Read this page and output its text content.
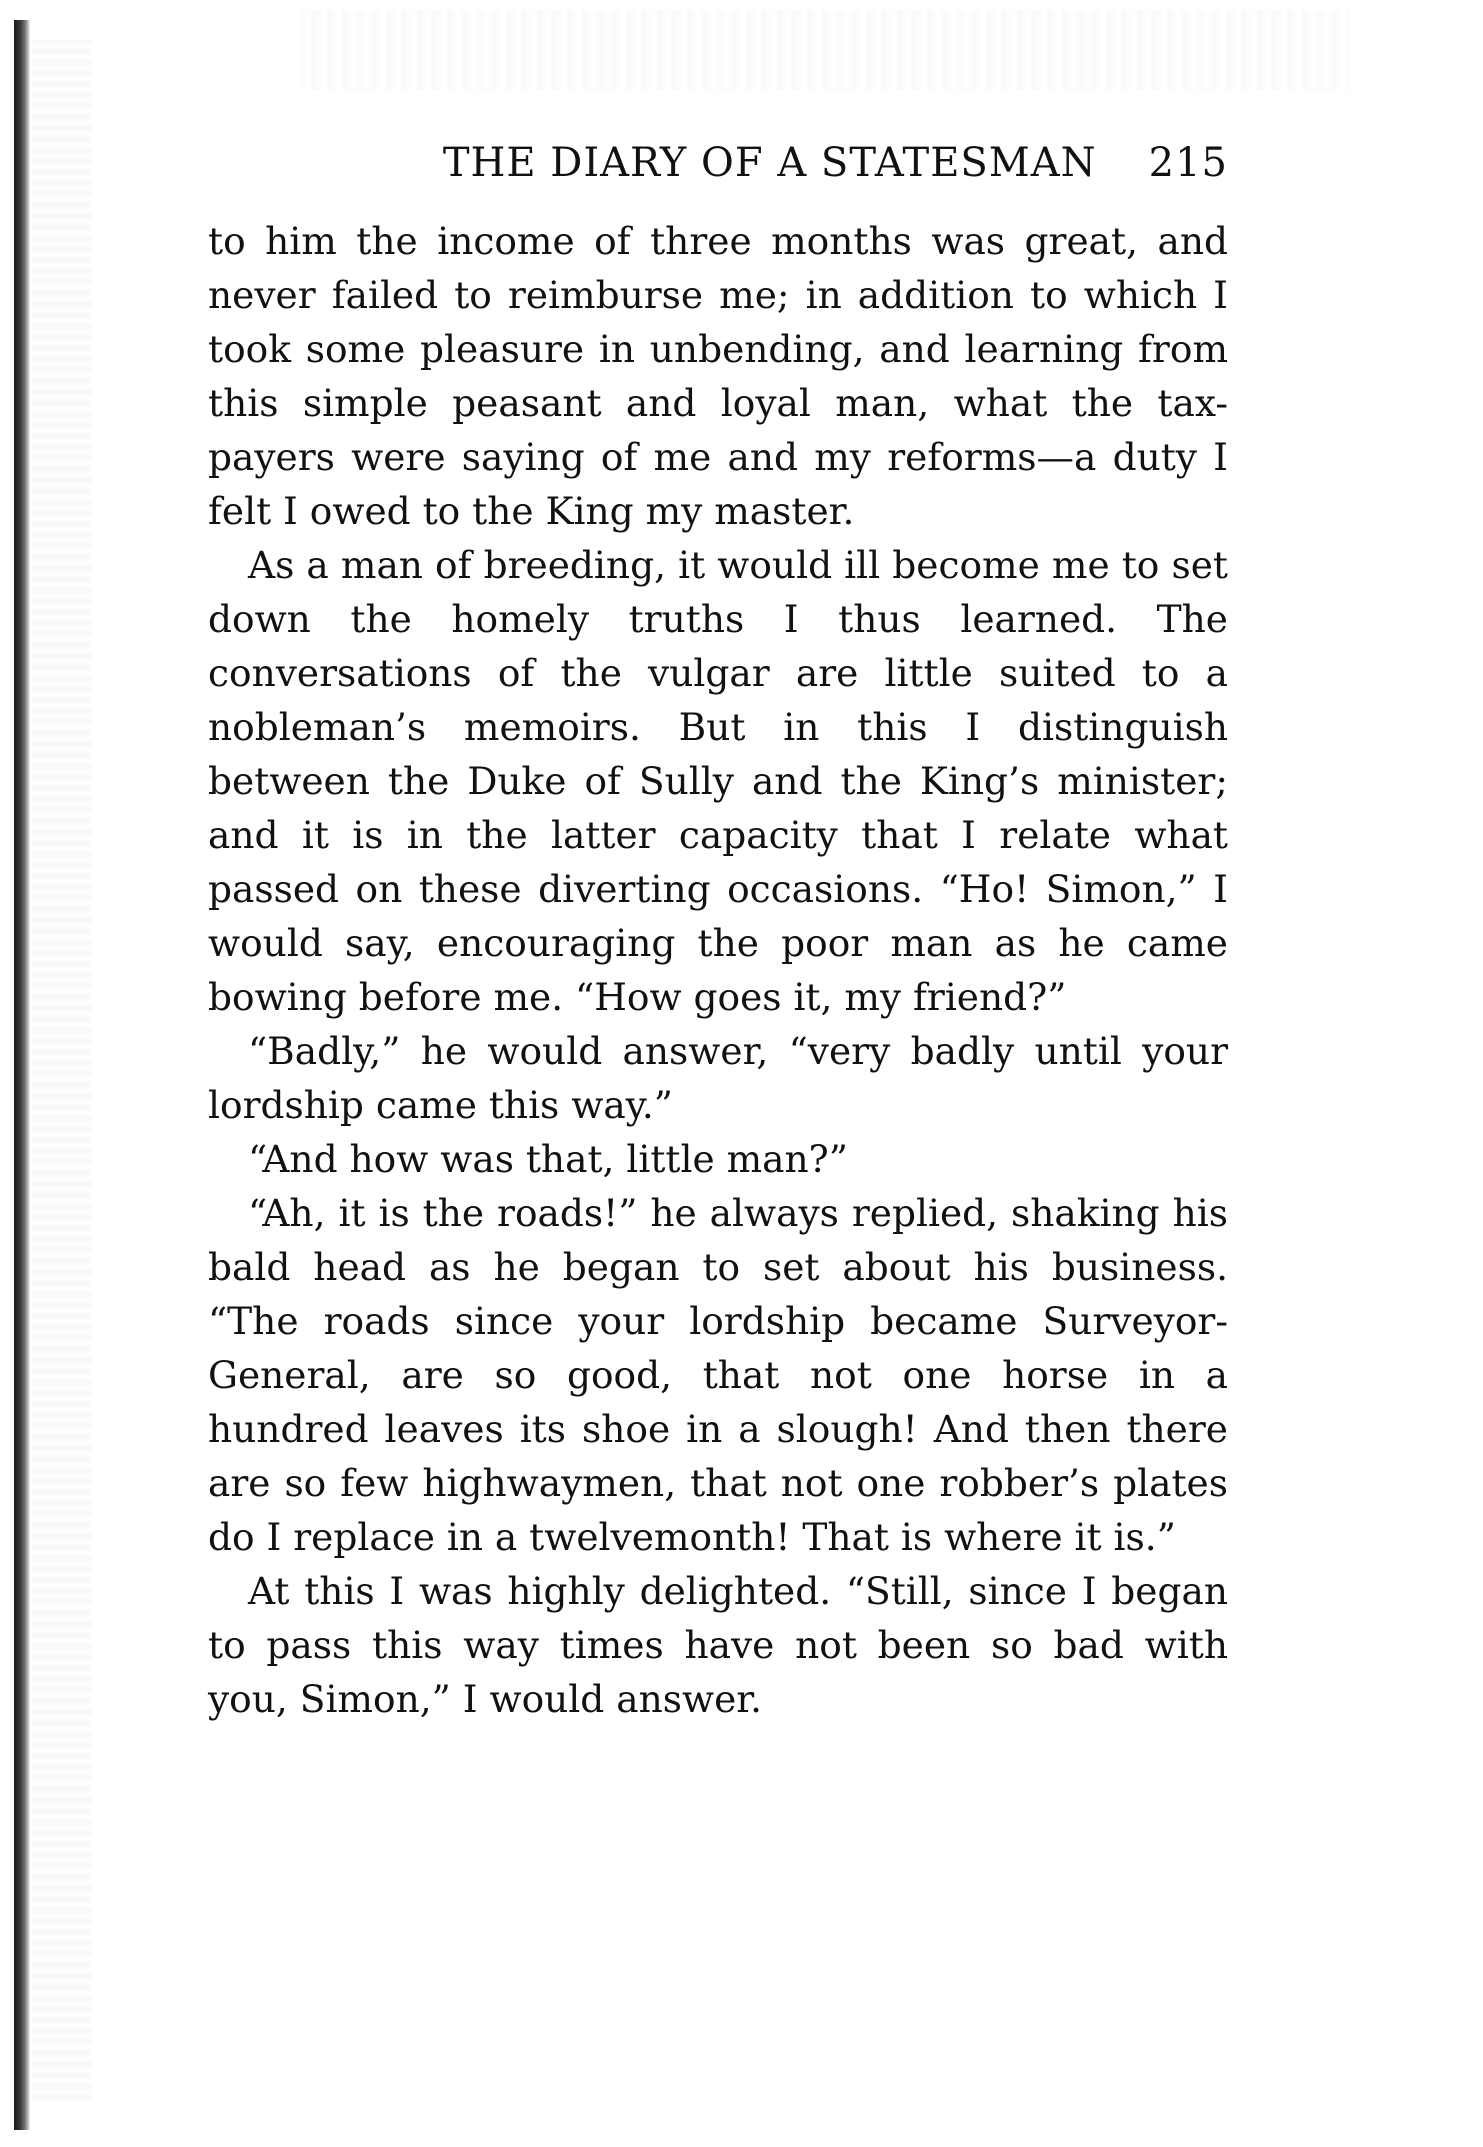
THE DIARY OF A STATESMAN 215

to him the income of three months was great, and never failed to reimburse me; in addition to which I took some pleasure in unbending, and learning from this simple peasant and loyal man, what the tax-payers were saying of me and my reforms—a duty I felt I owed to the King my master.

As a man of breeding, it would ill become me to set down the homely truths I thus learned. The conversations of the vulgar are little suited to a nobleman’s memoirs. But in this I distinguish between the Duke of Sully and the King’s minister; and it is in the latter capacity that I relate what passed on these diverting occasions. “Ho! Simon,” I would say, encouraging the poor man as he came bowing before me. “How goes it, my friend?”

“Badly,” he would answer, “very badly until your lordship came this way.”

“And how was that, little man?”

“Ah, it is the roads!” he always replied, shaking his bald head as he began to set about his business. “The roads since your lordship became Surveyor-General, are so good, that not one horse in a hundred leaves its shoe in a slough! And then there are so few highwaymen, that not one robber’s plates do I replace in a twelvemonth! That is where it is.”

At this I was highly delighted. “Still, since I began to pass this way times have not been so bad with you, Simon,” I would answer.
